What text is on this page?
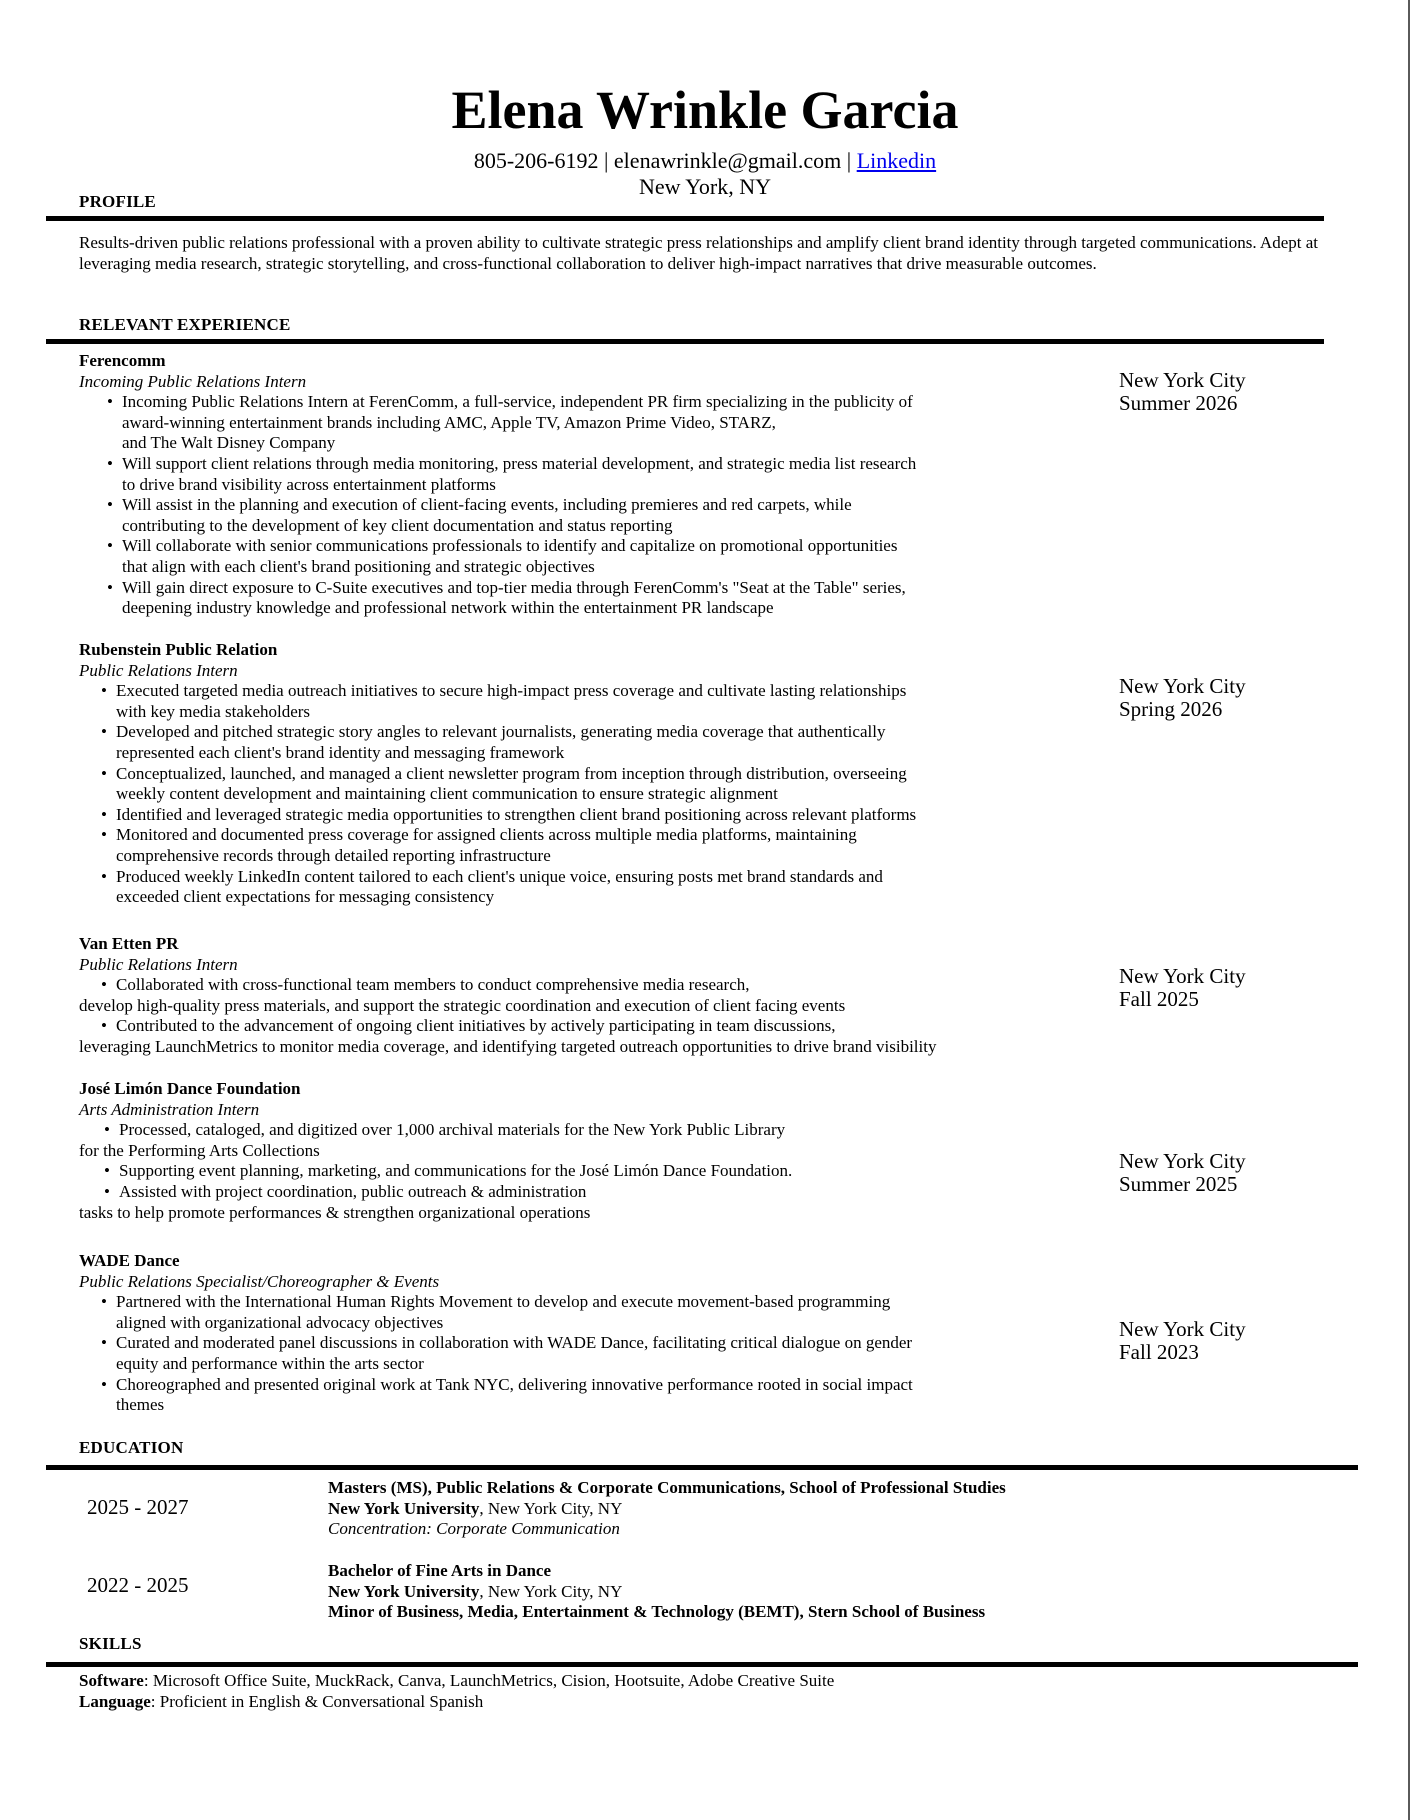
Elena Wrinkle Garcia
805-206-6192 | elenawrinkle@gmail.com | Linkedin
New York, NY
PROFILE
Results-driven public relations professional with a proven ability to cultivate strategic press relationships and amplify client brand identity through targeted communications. Adept at leveraging media research, strategic storytelling, and cross-functional collaboration to deliver high-impact narratives that drive measurable outcomes.
RELEVANT EXPERIENCE
Ferencomm
Incoming Public Relations Intern
• Incoming Public Relations Intern at FerenComm, a full-service, independent PR firm specializing in the publicity of
award-winning entertainment brands including AMC, Apple TV, Amazon Prime Video, STARZ,
and The Walt Disney Company
• Will support client relations through media monitoring, press material development, and strategic media list research
to drive brand visibility across entertainment platforms
• Will assist in the planning and execution of client-facing events, including premieres and red carpets, while
contributing to the development of key client documentation and status reporting
• Will collaborate with senior communications professionals to identify and capitalize on promotional opportunities
that align with each client's brand positioning and strategic objectives
• Will gain direct exposure to C-Suite executives and top-tier media through FerenComm's "Seat at the Table" series,
deepening industry knowledge and professional network within the entertainment PR landscape
New York City
Summer 2026
Rubenstein Public Relation
Public Relations Intern
• Executed targeted media outreach initiatives to secure high-impact press coverage and cultivate lasting relationships
with key media stakeholders
• Developed and pitched strategic story angles to relevant journalists, generating media coverage that authentically
represented each client's brand identity and messaging framework
• Conceptualized, launched, and managed a client newsletter program from inception through distribution, overseeing
weekly content development and maintaining client communication to ensure strategic alignment
• Identified and leveraged strategic media opportunities to strengthen client brand positioning across relevant platforms
• Monitored and documented press coverage for assigned clients across multiple media platforms, maintaining
comprehensive records through detailed reporting infrastructure
• Produced weekly LinkedIn content tailored to each client's unique voice, ensuring posts met brand standards and
exceeded client expectations for messaging consistency
New York City
Spring 2026
Van Etten PR
Public Relations Intern
• Collaborated with cross-functional team members to conduct comprehensive media research,
develop high-quality press materials, and support the strategic coordination and execution of client facing events
• Contributed to the advancement of ongoing client initiatives by actively participating in team discussions,
leveraging LaunchMetrics to monitor media coverage, and identifying targeted outreach opportunities to drive brand visibility
New York City
Fall 2025
José Limón Dance Foundation
Arts Administration Intern
• Processed, cataloged, and digitized over 1,000 archival materials for the New York Public Library
for the Performing Arts Collections
• Supporting event planning, marketing, and communications for the José Limón Dance Foundation.
• Assisted with project coordination, public outreach & administration
tasks to help promote performances & strengthen organizational operations
New York City
Summer 2025
WADE Dance
Public Relations Specialist/Choreographer & Events
• Partnered with the International Human Rights Movement to develop and execute movement-based programming
aligned with organizational advocacy objectives
• Curated and moderated panel discussions in collaboration with WADE Dance, facilitating critical dialogue on gender
equity and performance within the arts sector
• Choreographed and presented original work at Tank NYC, delivering innovative performance rooted in social impact
themes
New York City
Fall 2023
EDUCATION
2025 - 2027
Masters (MS), Public Relations & Corporate Communications, School of Professional Studies
New York University, New York City, NY
Concentration: Corporate Communication
2022 - 2025
Bachelor of Fine Arts in Dance
New York University, New York City, NY
Minor of Business, Media, Entertainment & Technology (BEMT), Stern School of Business
SKILLS
Software: Microsoft Office Suite, MuckRack, Canva, LaunchMetrics, Cision, Hootsuite, Adobe Creative Suite
Language: Proficient in English & Conversational Spanish
